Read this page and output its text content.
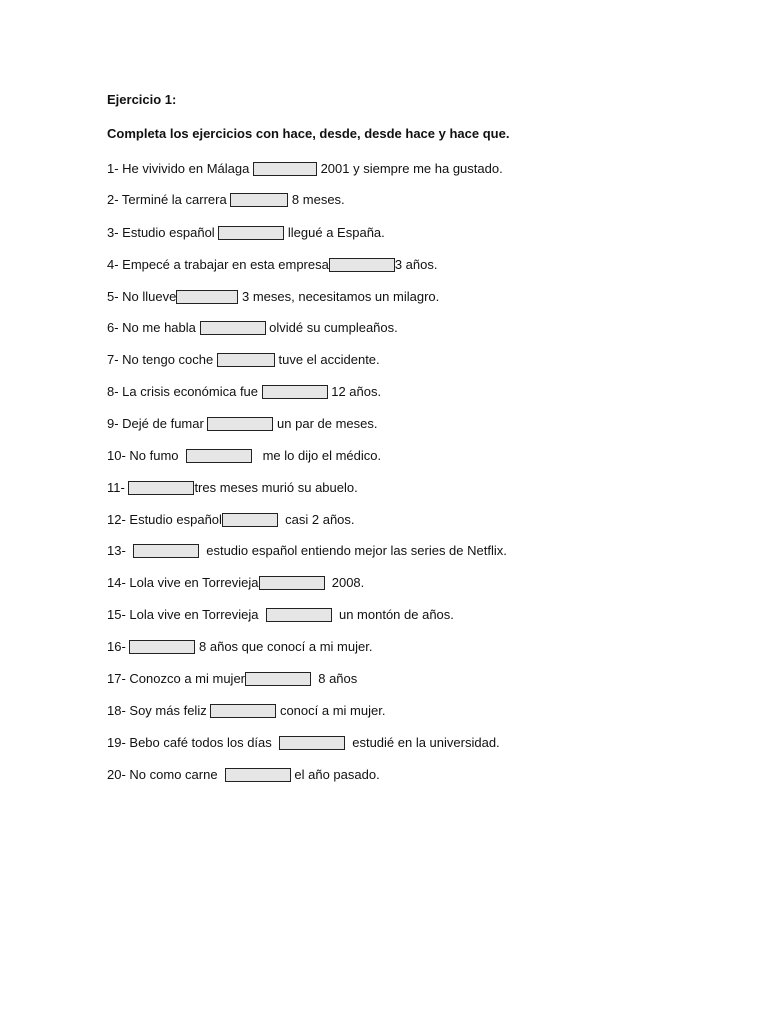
Ejercicio 1:
Completa los ejercicios con hace, desde, desde hace y hace que.
1- He vivivido en Málaga	2001 y siempre me ha gustado.
2- Terminé la carrera	8 meses.
3- Estudio español	llegué a España.
4- Empecé a trabajar en esta empresa	3 años.
5- No llueve	3 meses, necesitamos un milagro.
6- No me habla	olvidé su cumpleaños.
7- No tengo coche	tuve el accidente.
8- La crisis económica fue	12 años.
9- Dejé de fumar	un par de meses.
10- No fumo	me lo dijo el médico.
11-	tres meses murió su abuelo.
12- Estudio español	casi 2 años.
13-	estudio español entiendo mejor las series de Netflix.
14- Lola vive en Torrevieja	2008.
15- Lola vive en Torrevieja	un montón de años.
16-	8 años que conocí a mi mujer.
17- Conozco a mi mujer	8 años
18- Soy más feliz	conocí a mi mujer.
19- Bebo café todos los días	estudié en la universidad.
20- No como carne	el año pasado.
